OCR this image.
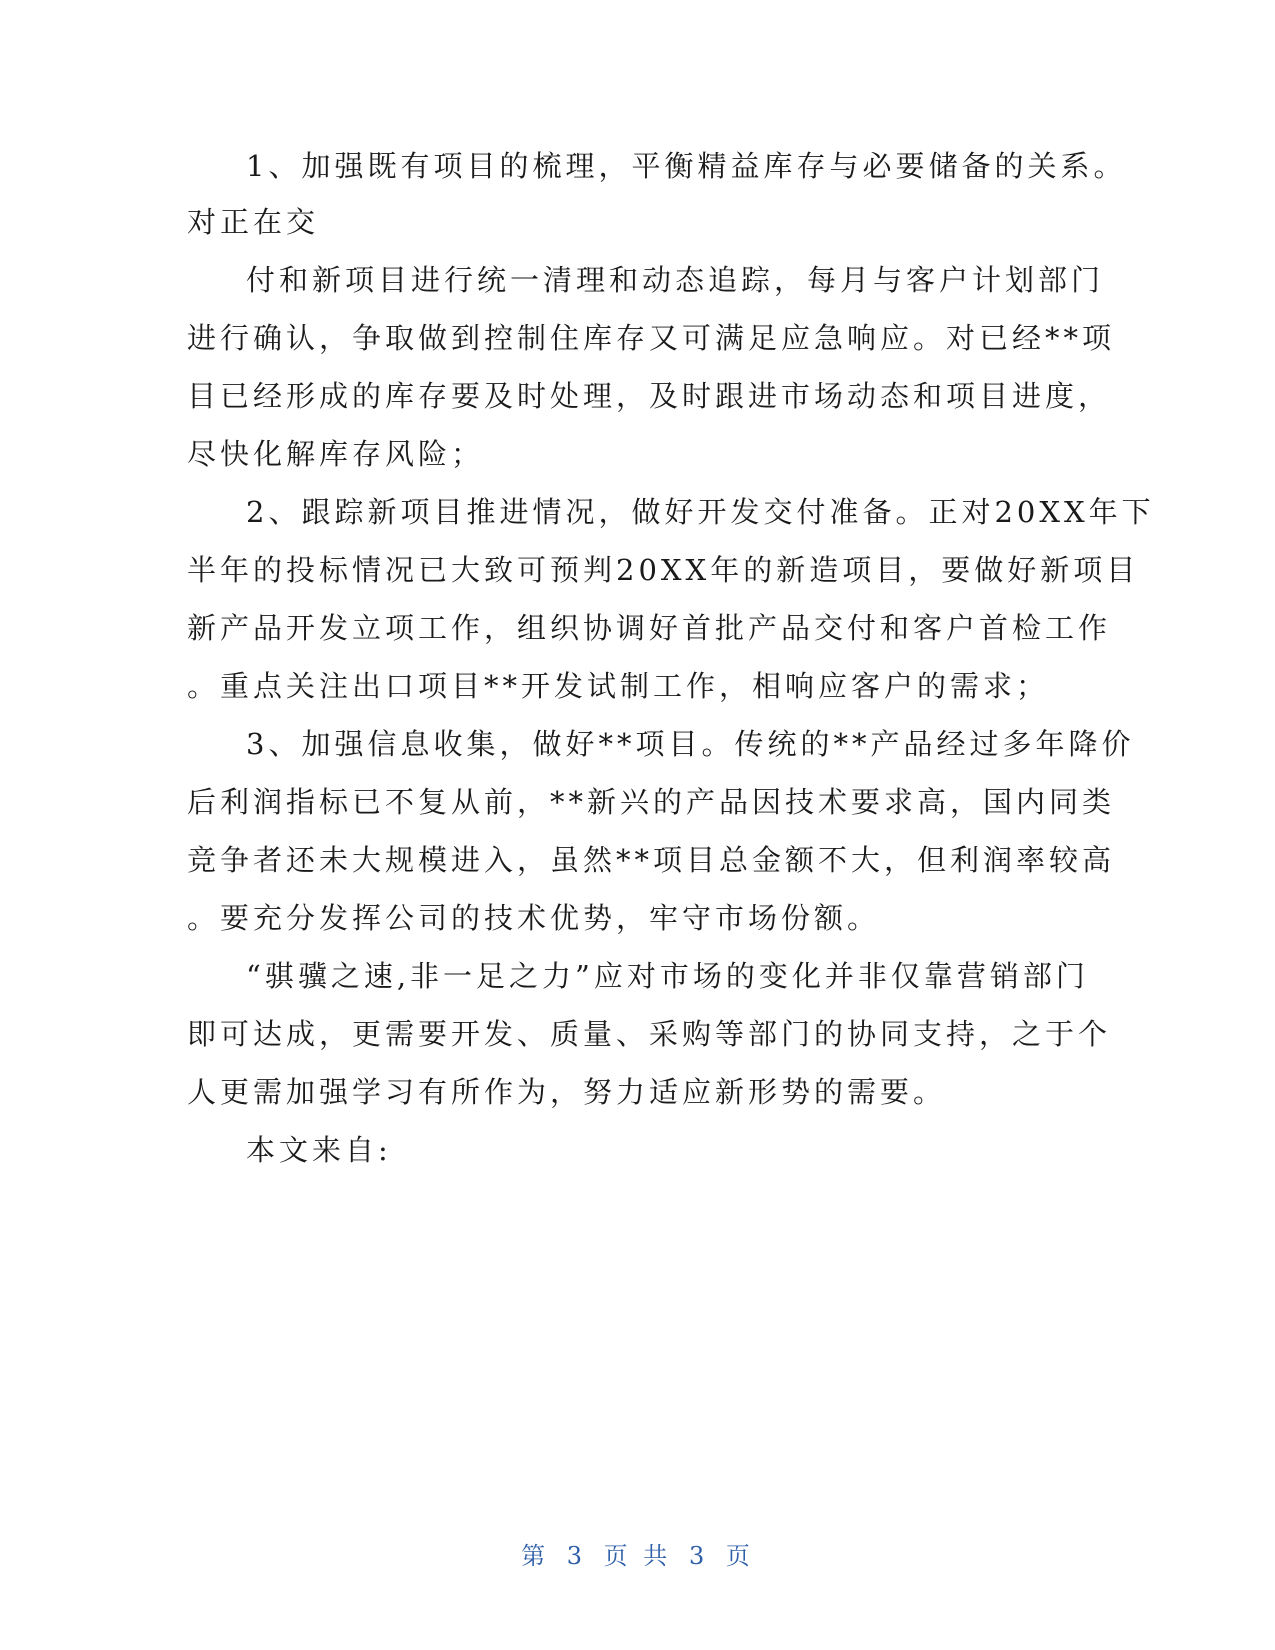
1、加强既有项目的梳理，平衡精益库存与必要储备的关系。
对正在交
付和新项目进行统一清理和动态追踪，每月与客户计划部门
进行确认，争取做到控制住库存又可满足应急响应。对已经**项
目已经形成的库存要及时处理，及时跟进市场动态和项目进度，
尽快化解库存风险；
2、跟踪新项目推进情况，做好开发交付准备。正对20XX年下
半年的投标情况已大致可预判20XX年的新造项目，要做好新项目
新产品开发立项工作，组织协调好首批产品交付和客户首检工作
。重点关注出口项目**开发试制工作，相响应客户的需求；
3、加强信息收集，做好**项目。传统的**产品经过多年降价
后利润指标已不复从前，**新兴的产品因技术要求高，国内同类
竞争者还未大规模进入，虽然**项目总金额不大，但利润率较高
。要充分发挥公司的技术优势，牢守市场份额。
“骐骥之速,非一足之力”应对市场的变化并非仅靠营销部门
即可达成，更需要开发、质量、采购等部门的协同支持，之于个
人更需加强学习有所作为，努力适应新形势的需要。
本文来自:
第 3 页 共 3 页
